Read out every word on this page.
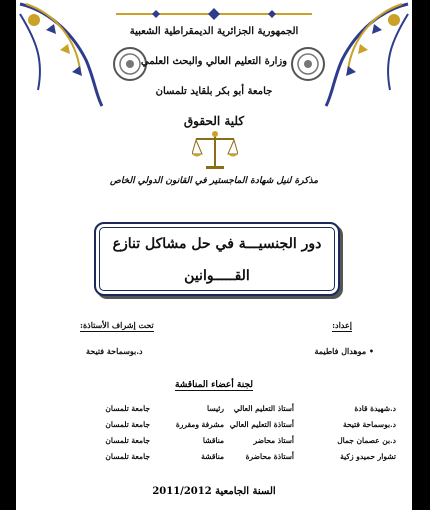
الجمهورية الجزائرية الديمقراطية الشعبية
وزارة التعليم العالي والبحث العلمي
جامعة أبو بكر بلقايد تلمسان
كلية الحقوق
مذكرة لنيل شهادة الماجستير في القانون الدولي الخاص
دور الجنسيـــة في حل مشاكل تنازع
القـــــوانين
إعداد:
تحت إشراف الأستاذة:
• موهدال فاطيمة
د.بوسماحة فتيحة
لجنة أعضاء المناقشة
د.شهيدة قادة
أستاذ التعليم العالي
رئيسا
جامعة تلمسان
د.بوسماحة فتيحة
أستاذة التعليم العالي
مشرفة ومقررة
جامعة تلمسان
د.بن عصمان جمال
أستاذ محاضر
مناقشا
جامعة تلمسان
تشوار حميدو زكية
أستاذة محاضرة
مناقشة
جامعة تلمسان
السنة الجامعية 2011/2012
